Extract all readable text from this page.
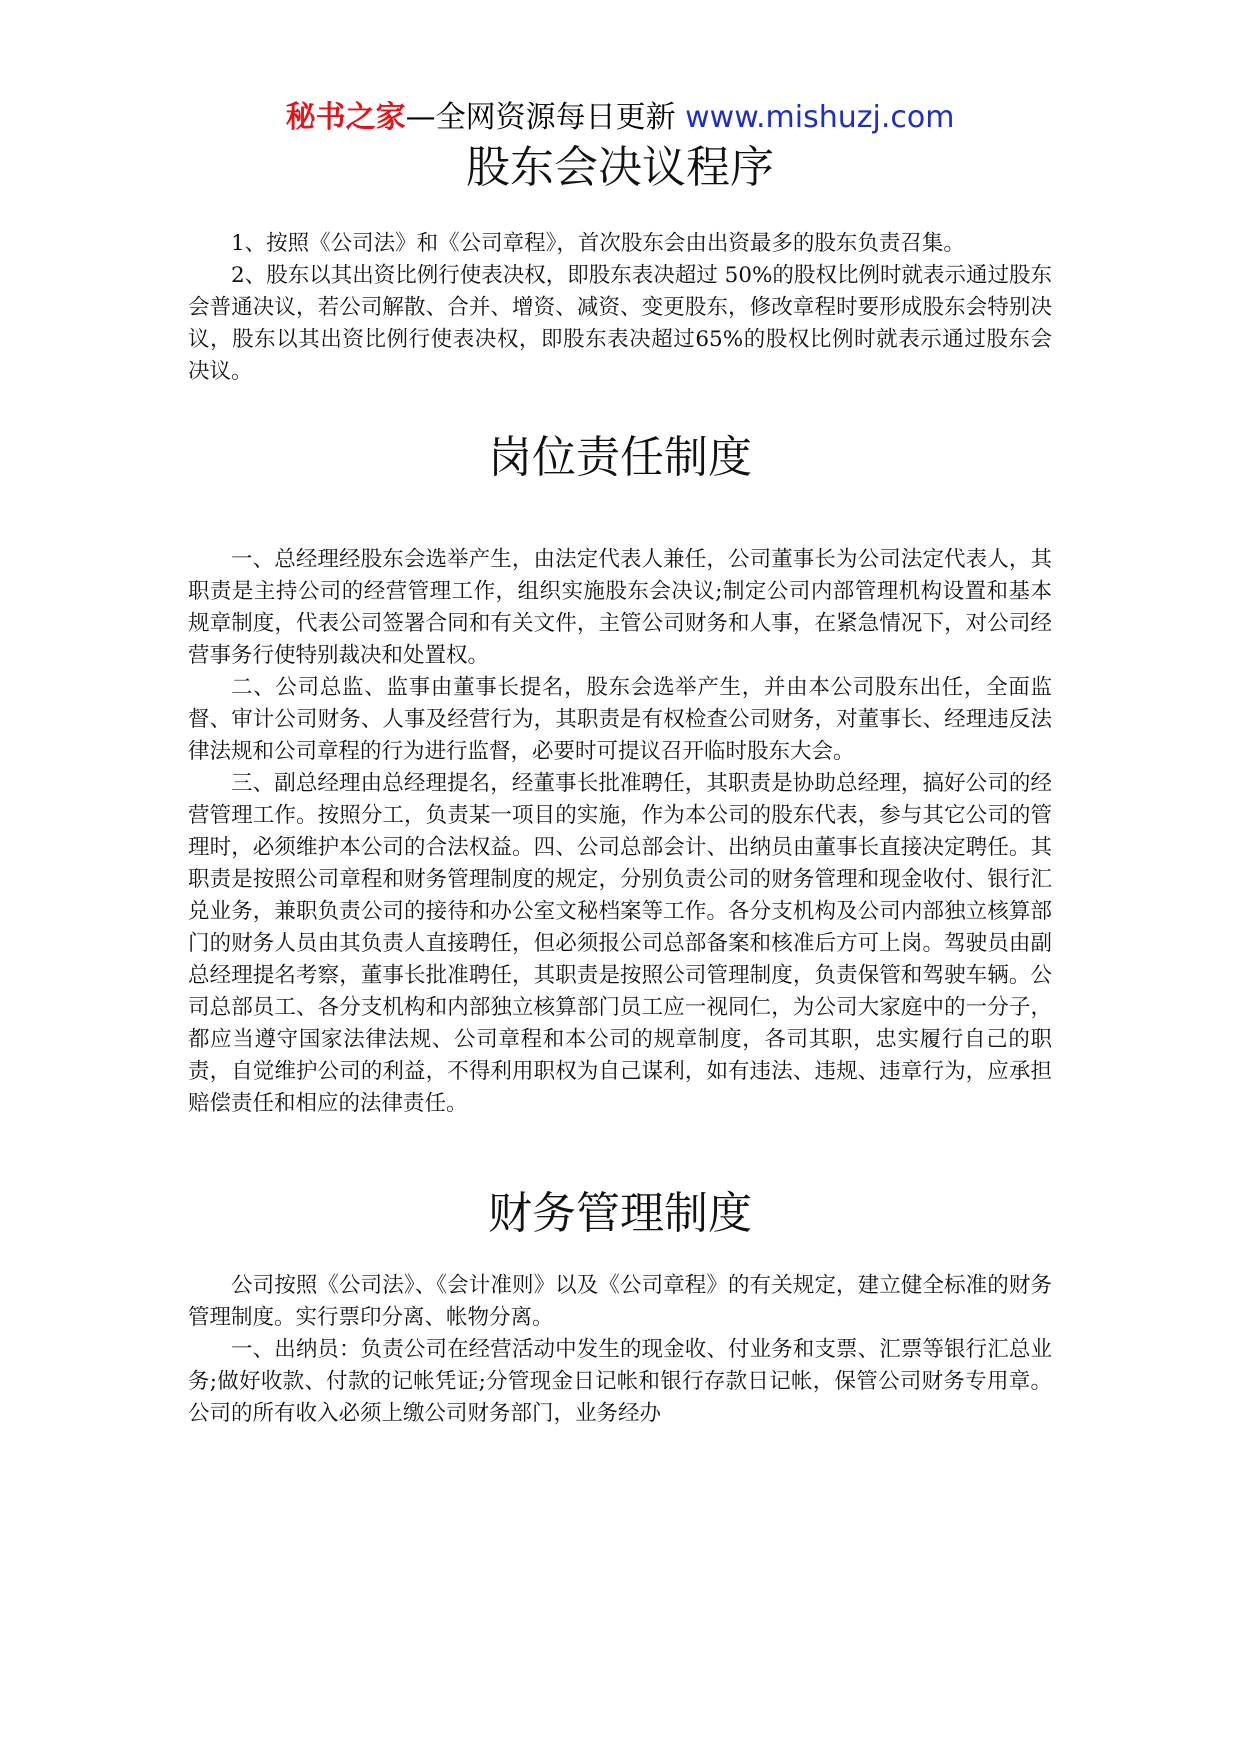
秘书之家—全网资源每日更新 www.mishuzj.com
股东会决议程序

1、按照《公司法》和《公司章程》，首次股东会由出资最多的股东负责召集。

2、股东以其出资比例行使表决权，即股东表决超过 50%的股权比例时就表示通过股东会普通决议，若公司解散、合并、增资、减资、变更股东，修改章程时要形成股东会特别决议，股东以其出资比例行使表决权，即股东表决超过65%的股权比例时就表示通过股东会决议。

岗位责任制度

一、总经理经股东会选举产生，由法定代表人兼任，公司董事长为公司法定代表人，其职责是主持公司的经营管理工作，组织实施股东会决议;制定公司内部管理机构设置和基本规章制度，代表公司签署合同和有关文件，主管公司财务和人事，在紧急情况下，对公司经营事务行使特别裁决和处置权。

二、公司总监、监事由董事长提名，股东会选举产生，并由本公司股东出任，全面监督、审计公司财务、人事及经营行为，其职责是有权检查公司财务，对董事长、经理违反法律法规和公司章程的行为进行监督，必要时可提议召开临时股东大会。

三、副总经理由总经理提名，经董事长批准聘任，其职责是协助总经理，搞好公司的经营管理工作。按照分工，负责某一项目的实施，作为本公司的股东代表，参与其它公司的管理时，必须维护本公司的合法权益。四、公司总部会计、出纳员由董事长直接决定聘任。其职责是按照公司章程和财务管理制度的规定，分别负责公司的财务管理和现金收付、银行汇兑业务，兼职负责公司的接待和办公室文秘档案等工作。各分支机构及公司内部独立核算部门的财务人员由其负责人直接聘任，但必须报公司总部备案和核准后方可上岗。驾驶员由副总经理提名考察，董事长批准聘任，其职责是按照公司管理制度，负责保管和驾驶车辆。公司总部员工、各分支机构和内部独立核算部门员工应一视同仁，为公司大家庭中的一分子，都应当遵守国家法律法规、公司章程和本公司的规章制度，各司其职，忠实履行自己的职责，自觉维护公司的利益，不得利用职权为自己谋利，如有违法、违规、违章行为，应承担赔偿责任和相应的法律责任。

财务管理制度

公司按照《公司法》、《会计准则》以及《公司章程》的有关规定，建立健全标准的财务管理制度。实行票印分离、帐物分离。

一、出纳员：负责公司在经营活动中发生的现金收、付业务和支票、汇票等银行汇总业务;做好收款、付款的记帐凭证;分管现金日记帐和银行存款日记帐，保管公司财务专用章。公司的所有收入必须上缴公司财务部门，业务经办
